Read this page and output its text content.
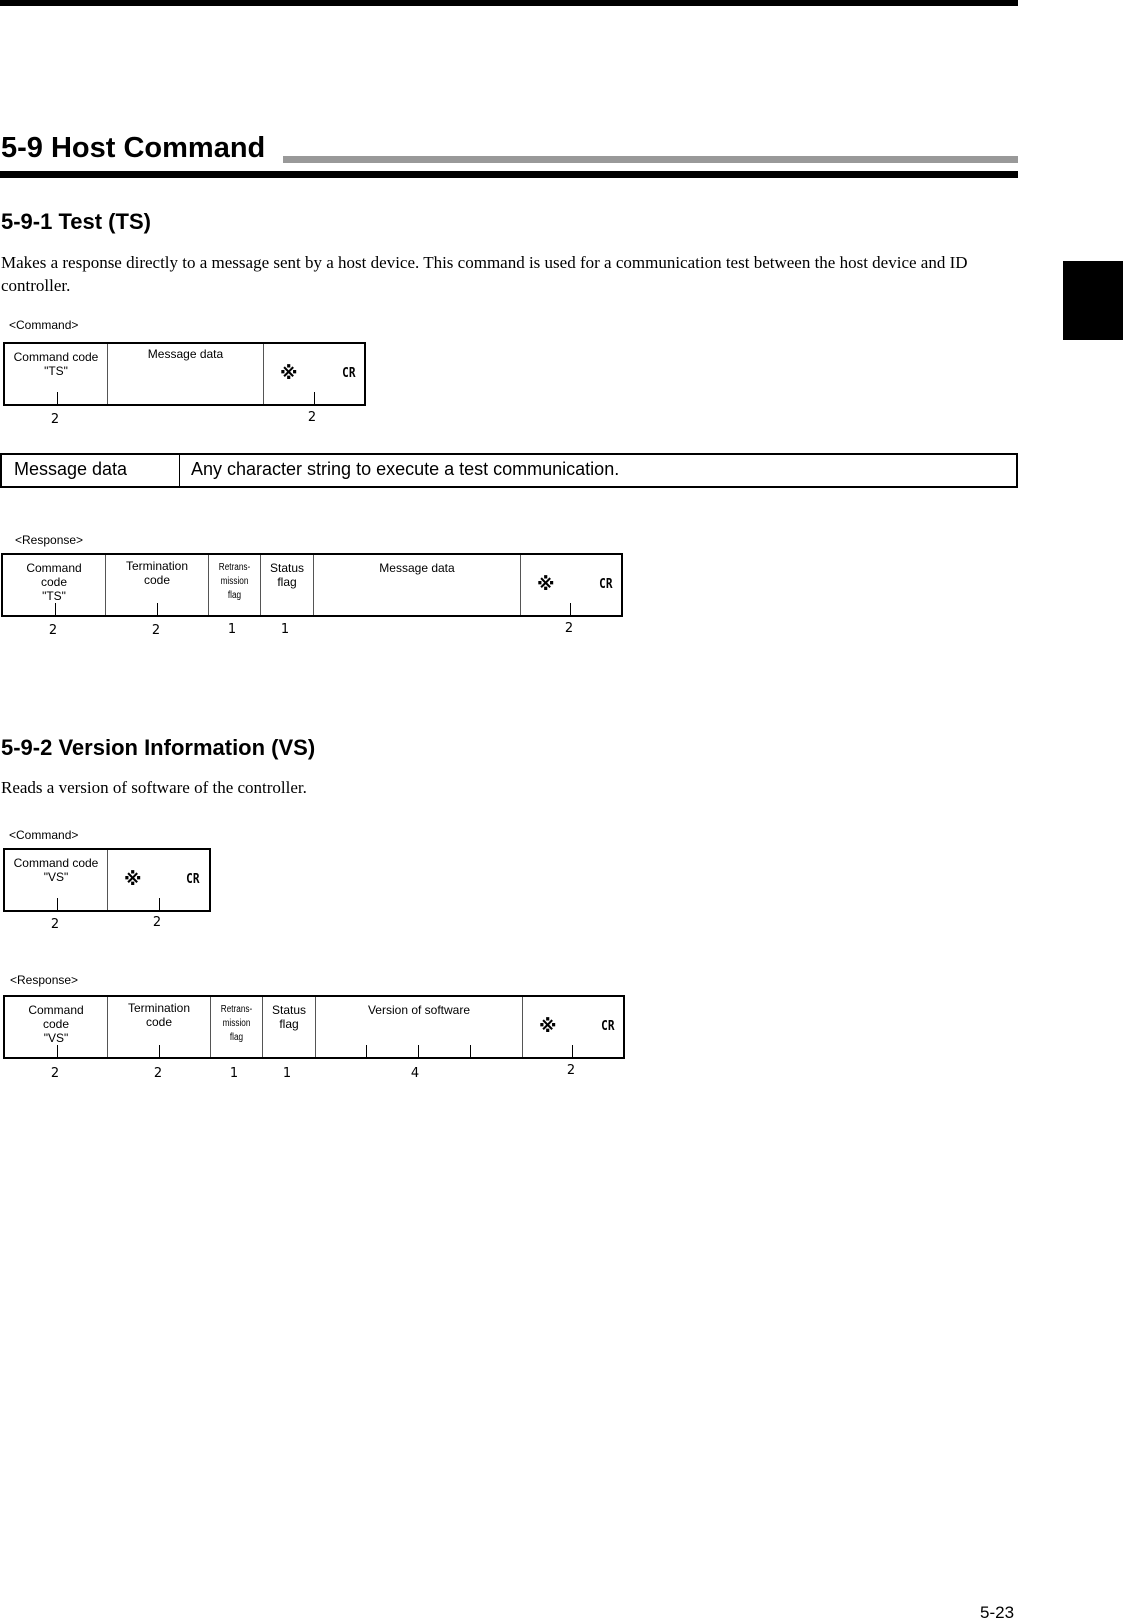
5-9 Host Command
5-9-1 Test (TS)
Makes a response directly to a message sent by a host device. This command is used for a communication test between the host device and ID controller.
<Command>
Command code
"TS"
Message data
※	CR
2	2
Message data	Any character string to execute a test communication.
<Response>
Command
code
"TS"
Termination
code
Retrans-
mission
flag
Status
flag
Message data
※	CR
2	2	1	1	2
5-9-2 Version Information (VS)
Reads a version of software of the controller.
<Command>
Command code
"VS"	※	CR
2	2
<Response>
Command
code
"VS"
Termination
code
Retrans-
mission
flag
Status
flag
Version of software
※	CR
2	2	1	1	4	2
5-23
